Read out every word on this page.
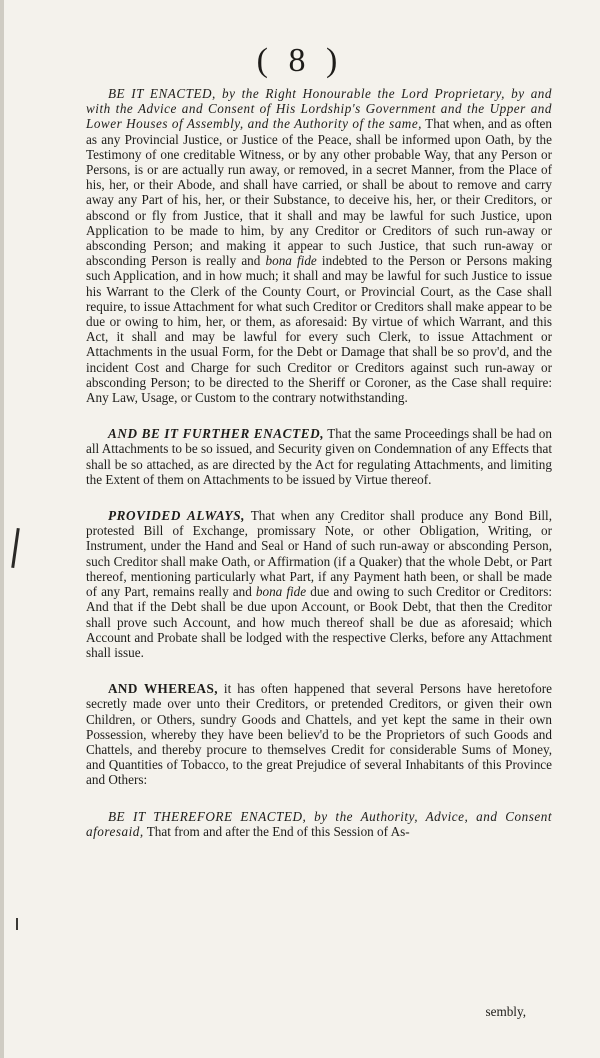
( 8 )

BE IT ENACTED, by the Right Honourable the Lord Proprietary, by and with the Advice and Consent of His Lordship's Government and the Upper and Lower Houses of Assembly, and the Authority of the same, That when, and as often as any Provincial Justice, or Justice of the Peace, shall be informed upon Oath, by the Testimony of one creditable Witness, or by any other probable Way, that any Person or Persons, is or are actually run away, or removed, in a secret Manner, from the Place of his, her, or their Abode, and shall have carried, or shall be about to remove and carry away any Part of his, her, or their Substance, to deceive his, her, or their Creditors, or abscond or fly from Justice, that it shall and may be lawful for such Justice, upon Application to be made to him, by any Creditor or Creditors of such run-away or absconding Person; and making it appear to such Justice, that such run-away or absconding Person is really and bona fide indebted to the Person or Persons making such Application, and in how much; it shall and may be lawful for such Justice to issue his Warrant to the Clerk of the County Court, or Provincial Court, as the Case shall require, to issue Attachment for what such Creditor or Creditors shall make appear to be due or owing to him, her, or them, as aforesaid: By virtue of which Warrant, and this Act, it shall and may be lawful for every such Clerk, to issue Attachment or Attachments in the usual Form, for the Debt or Damage that shall be so prov'd, and the incident Cost and Charge for such Creditor or Creditors against such run-away or absconding Person; to be directed to the Sheriff or Coroner, as the Case shall require: Any Law, Usage, or Custom to the contrary notwithstanding.

AND BE IT FURTHER ENACTED, That the same Proceedings shall be had on all Attachments to be so issued, and Security given on Condemnation of any Effects that shall be so attached, as are directed by the Act for regulating Attachments, and limiting the Extent of them on Attachments to be issued by Virtue thereof.

PROVIDED ALWAYS, That when any Creditor shall produce any Bond Bill, protested Bill of Exchange, promissary Note, or other Obligation, Writing, or Instrument, under the Hand and Seal or Hand of such run-away or absconding Person, such Creditor shall make Oath, or Affirmation (if a Quaker) that the whole Debt, or Part thereof, mentioning particularly what Part, if any Payment hath been, or shall be made of any Part, remains really and bona fide due and owing to such Creditor or Creditors: And that if the Debt shall be due upon Account, or Book Debt, that then the Creditor shall prove such Account, and how much thereof shall be due as aforesaid; which Account and Probate shall be lodged with the respective Clerks, before any Attachment shall issue.

AND WHEREAS, it has often happened that several Persons have heretofore secretly made over unto their Creditors, or pretended Creditors, or given their own Children, or Others, sundry Goods and Chattels, and yet kept the same in their own Possession, whereby they have been believ'd to be the Proprietors of such Goods and Chattels, and thereby procure to themselves Credit for considerable Sums of Money, and Quantities of Tobacco, to the great Prejudice of several Inhabitants of this Province and Others:

BE IT THEREFORE ENACTED, by the Authority, Advice, and Consent aforesaid, That from and after the End of this Session of As-

sembly,
